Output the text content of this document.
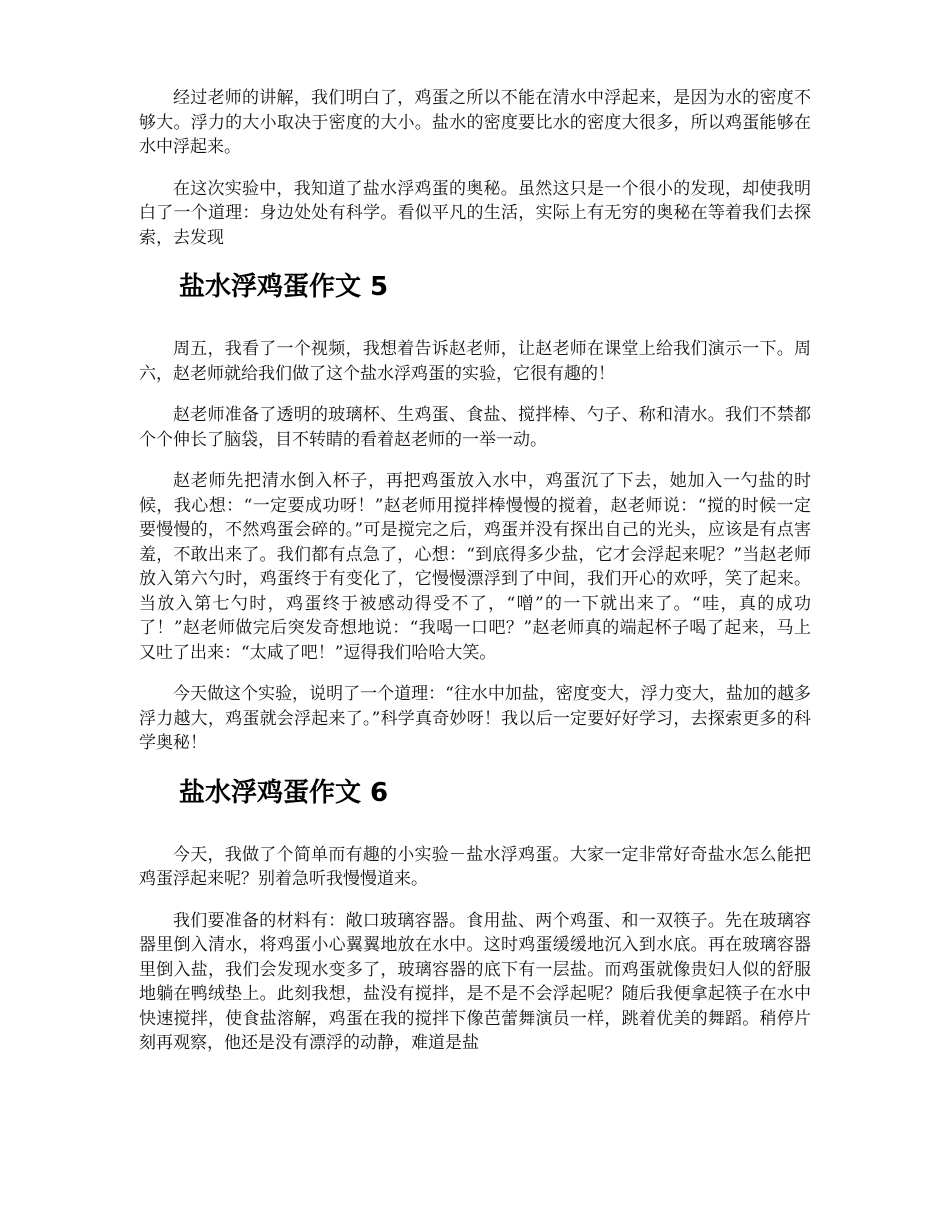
经过老师的讲解，我们明白了，鸡蛋之所以不能在清水中浮起来，是因为水的密度不够大。浮力的大小取决于密度的大小。盐水的密度要比水的密度大很多，所以鸡蛋能够在水中浮起来。

在这次实验中，我知道了盐水浮鸡蛋的奥秘。虽然这只是一个很小的发现，却使我明白了一个道理：身边处处有科学。看似平凡的生活，实际上有无穷的奥秘在等着我们去探索，去发现

盐水浮鸡蛋作文 5

周五，我看了一个视频，我想着告诉赵老师，让赵老师在课堂上给我们演示一下。周六，赵老师就给我们做了这个盐水浮鸡蛋的实验，它很有趣的！

赵老师准备了透明的玻璃杯、生鸡蛋、食盐、搅拌棒、勺子、称和清水。我们不禁都个个伸长了脑袋，目不转睛的看着赵老师的一举一动。

赵老师先把清水倒入杯子，再把鸡蛋放入水中，鸡蛋沉了下去，她加入一勺盐的时候，我心想：“一定要成功呀！”赵老师用搅拌棒慢慢的搅着，赵老师说：“搅的时候一定要慢慢的，不然鸡蛋会碎的。”可是搅完之后，鸡蛋并没有探出自己的光头，应该是有点害羞，不敢出来了。我们都有点急了，心想：“到底得多少盐，它才会浮起来呢？”当赵老师放入第六勺时，鸡蛋终于有变化了，它慢慢漂浮到了中间，我们开心的欢呼，笑了起来。当放入第七勺时，鸡蛋终于被感动得受不了，“噌”的一下就出来了。“哇，真的成功了！”赵老师做完后突发奇想地说：“我喝一口吧？”赵老师真的端起杯子喝了起来，马上又吐了出来：“太咸了吧！”逗得我们哈哈大笑。

今天做这个实验，说明了一个道理：“往水中加盐，密度变大，浮力变大，盐加的越多浮力越大，鸡蛋就会浮起来了。”科学真奇妙呀！我以后一定要好好学习，去探索更多的科学奥秘！

盐水浮鸡蛋作文 6

今天，我做了个简单而有趣的小实验－盐水浮鸡蛋。大家一定非常好奇盐水怎么能把鸡蛋浮起来呢？别着急听我慢慢道来。

我们要准备的材料有：敞口玻璃容器。食用盐、两个鸡蛋、和一双筷子。先在玻璃容器里倒入清水，将鸡蛋小心翼翼地放在水中。这时鸡蛋缓缓地沉入到水底。再在玻璃容器里倒入盐，我们会发现水变多了，玻璃容器的底下有一层盐。而鸡蛋就像贵妇人似的舒服地躺在鸭绒垫上。此刻我想，盐没有搅拌，是不是不会浮起呢？随后我便拿起筷子在水中快速搅拌，使食盐溶解，鸡蛋在我的搅拌下像芭蕾舞演员一样，跳着优美的舞蹈。稍停片刻再观察，他还是没有漂浮的动静，难道是盐
